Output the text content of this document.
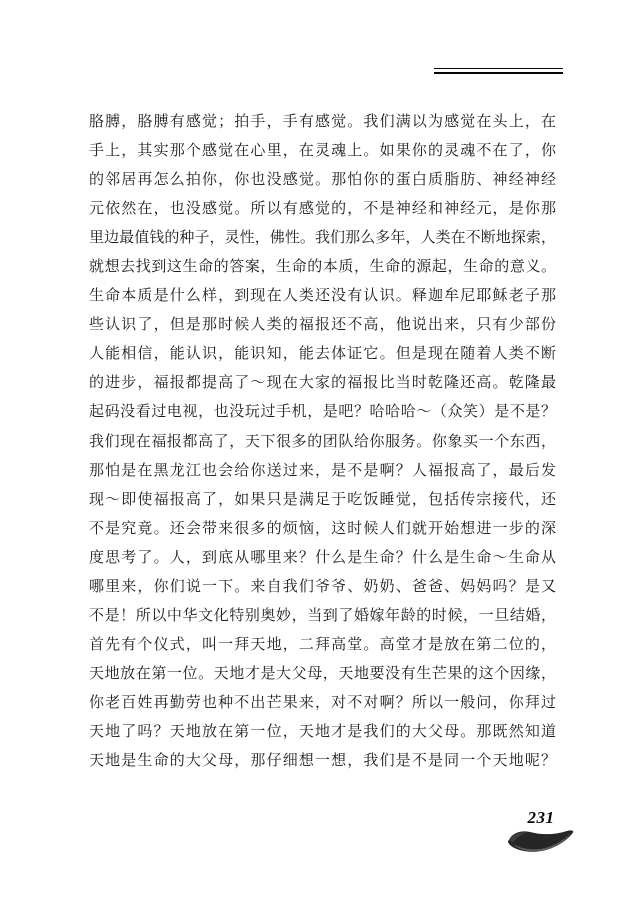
胳膊，胳膊有感觉；拍手，手有感觉。我们满以为感觉在头上，在
手上，其实那个感觉在心里，在灵魂上。如果你的灵魂不在了，你
的邻居再怎么拍你，你也没感觉。那怕你的蛋白质脂肪、神经神经
元依然在，也没感觉。所以有感觉的，不是神经和神经元，是你那
里边最值钱的种子，灵性，佛性。我们那么多年，人类在不断地探索，
就想去找到这生命的答案，生命的本质，生命的源起，生命的意义。
生命本质是什么样，到现在人类还没有认识。释迦牟尼耶稣老子那
些认识了，但是那时候人类的福报还不高，他说出来，只有少部份
人能相信，能认识，能识知，能去体证它。但是现在随着人类不断
的进步，福报都提高了～现在大家的福报比当时乾隆还高。乾隆最
起码没看过电视，也没玩过手机，是吧？哈哈哈～（众笑）是不是？
我们现在福报都高了，天下很多的团队给你服务。你象买一个东西，
那怕是在黑龙江也会给你送过来，是不是啊？人福报高了，最后发
现～即使福报高了，如果只是满足于吃饭睡觉，包括传宗接代，还
不是究竟。还会带来很多的烦恼，这时候人们就开始想进一步的深
度思考了。人，到底从哪里来？什么是生命？什么是生命～生命从
哪里来，你们说一下。来自我们爷爷、奶奶、爸爸、妈妈吗？是又
不是！所以中华文化特别奥妙，当到了婚嫁年龄的时候，一旦结婚，
首先有个仪式，叫一拜天地，二拜高堂。高堂才是放在第二位的，
天地放在第一位。天地才是大父母，天地要没有生芒果的这个因缘，
你老百姓再勤劳也种不出芒果来，对不对啊？所以一般问，你拜过
天地了吗？天地放在第一位，天地才是我们的大父母。那既然知道
天地是生命的大父母，那仔细想一想，我们是不是同一个天地呢？
231
